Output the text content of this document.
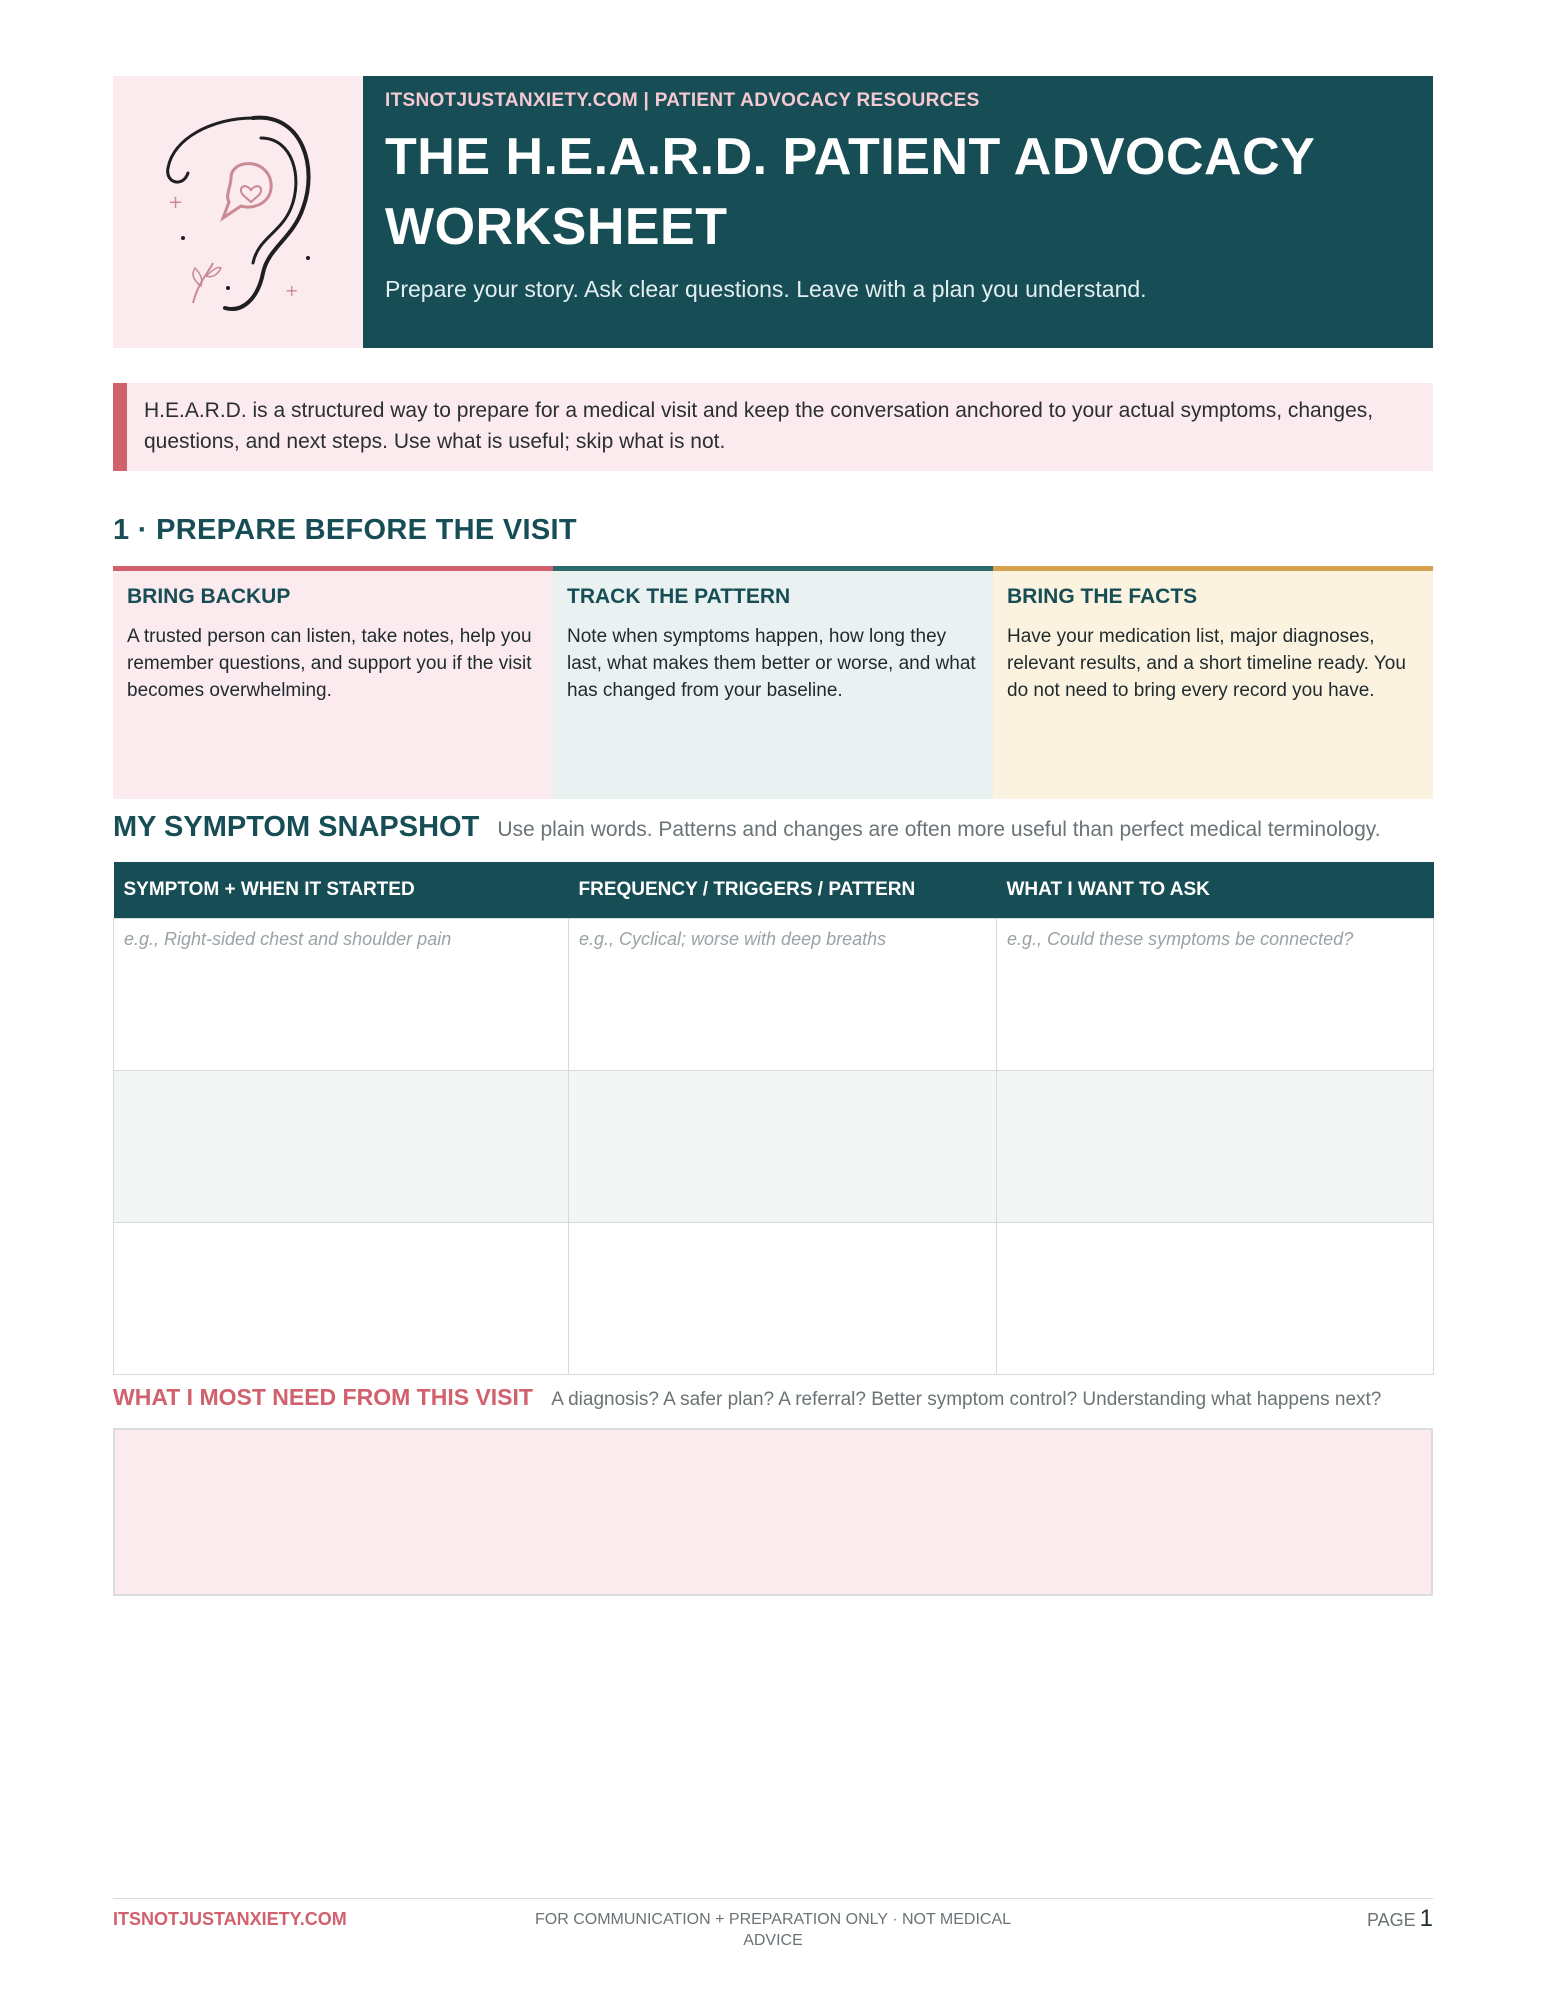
+
+
ITSNOTJUSTANXIETY.COM | PATIENT ADVOCACY RESOURCES
THE H.E.A.R.D. PATIENT ADVOCACY
WORKSHEET
Prepare your story. Ask clear questions. Leave with a plan you understand.
H.E.A.R.D. is a structured way to prepare for a medical visit and keep the conversation anchored to your actual symptoms, changes, questions, and next steps. Use what is useful; skip what is not.
1 · PREPARE BEFORE THE VISIT
BRING BACKUP

A trusted person can listen, take notes, help you remember questions, and support you if the visit becomes overwhelming.

TRACK THE PATTERN

Note when symptoms happen, how long they last, what makes them better or worse, and what has changed from your baseline.

BRING THE FACTS

Have your medication list, major diagnoses, relevant results, and a short timeline ready. You do not need to bring every record you have.

MY SYMPTOM SNAPSHOT Use plain words. Patterns and changes are often more useful than perfect medical terminology.
SYMPTOM + WHEN IT STARTED	FREQUENCY / TRIGGERS / PATTERN	WHAT I WANT TO ASK
e.g., Right-sided chest and shoulder pain	e.g., Cyclical; worse with deep breaths	e.g., Could these symptoms be connected?

WHAT I MOST NEED FROM THIS VISIT A diagnosis? A safer plan? A referral? Better symptom control? Understanding what happens next?
ITSNOTJUSTANXIETY.COM	FOR COMMUNICATION + PREPARATION ONLY · NOT MEDICAL ADVICE
PAGE 1
